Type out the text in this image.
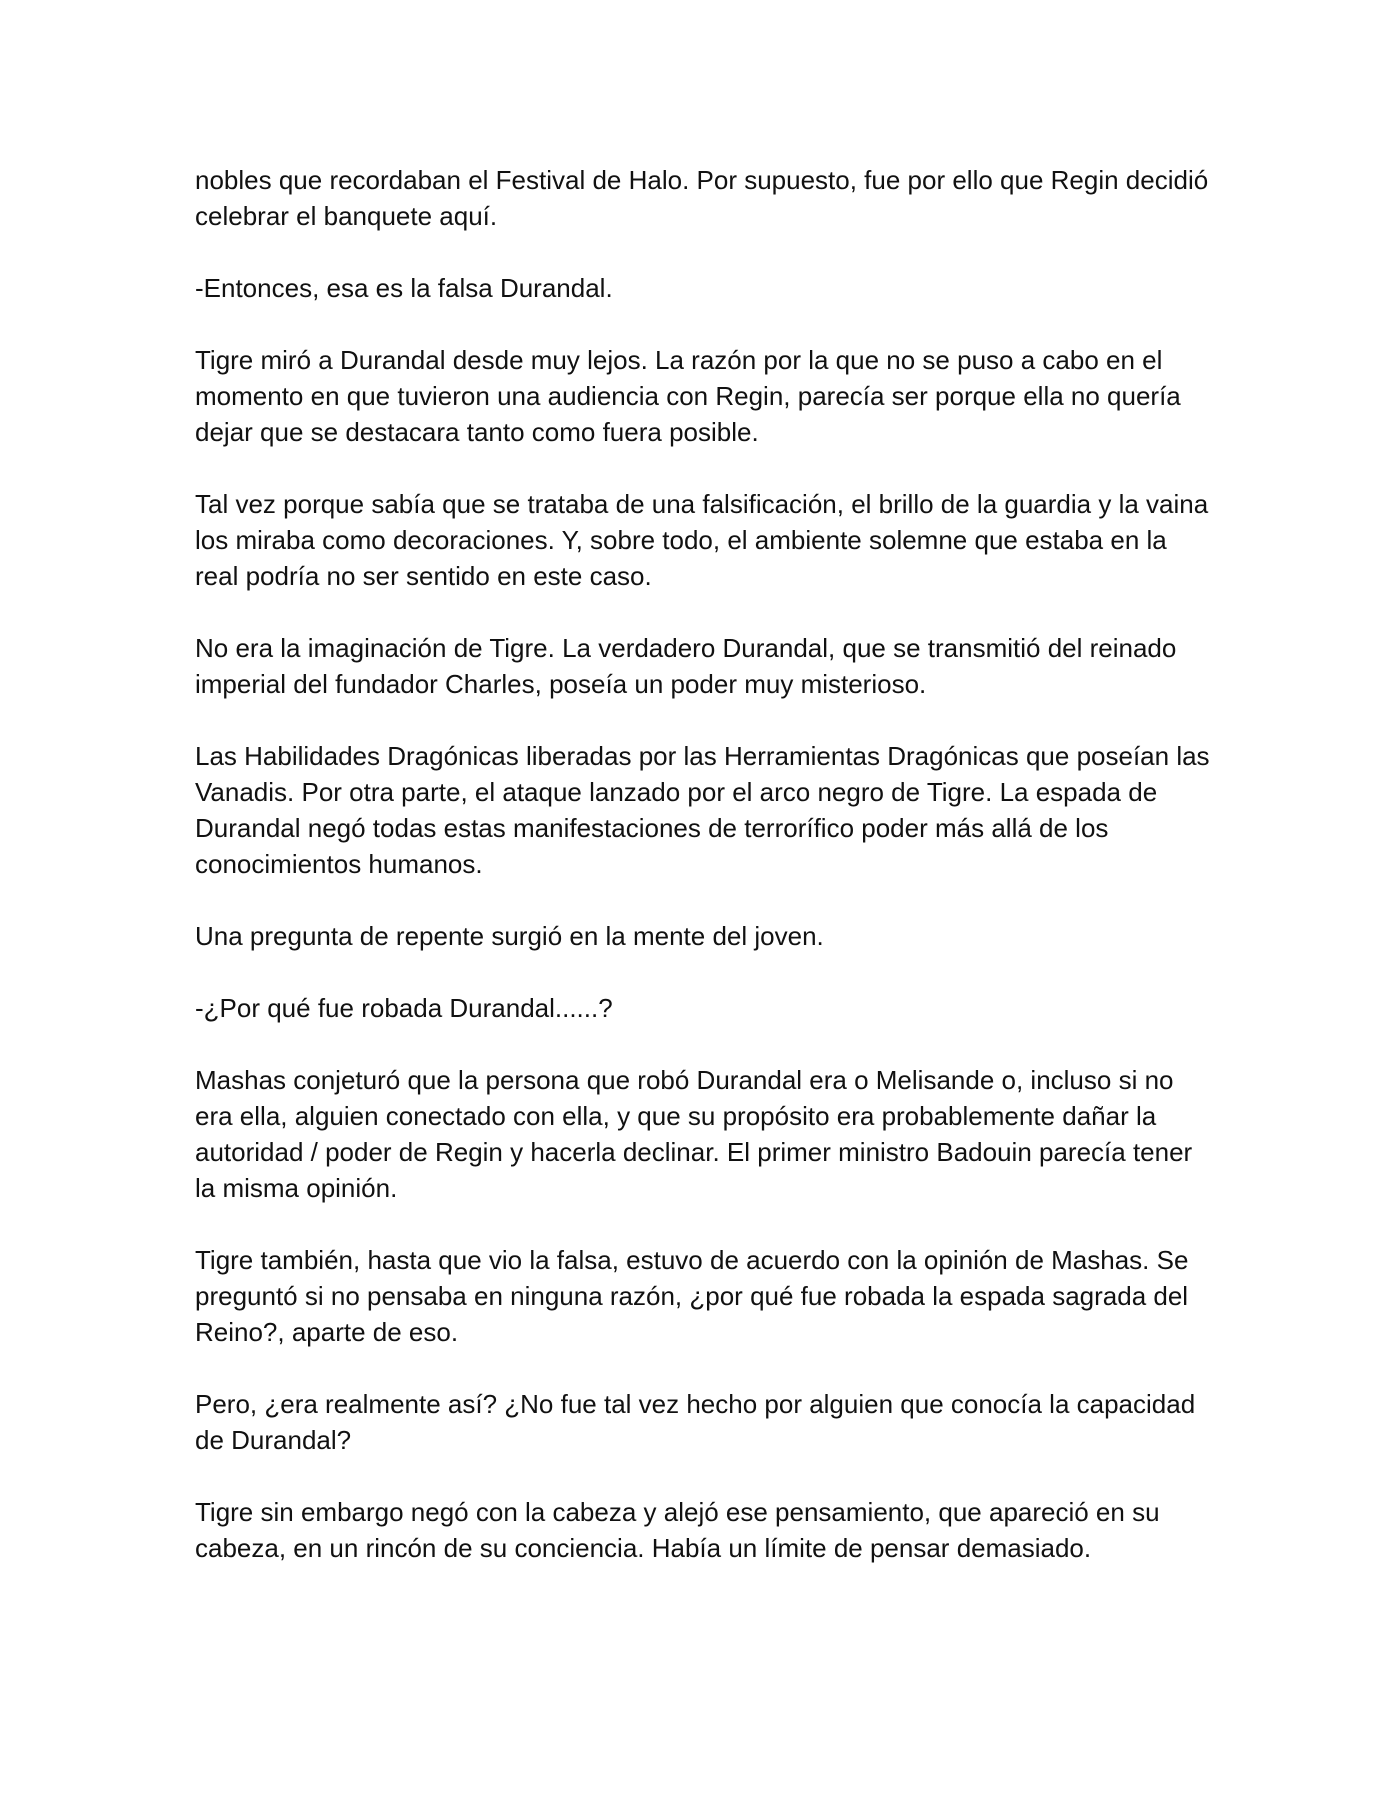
nobles que recordaban el Festival de Halo. Por supuesto, fue por ello que Regin decidió celebrar el banquete aquí.

-Entonces, esa es la falsa Durandal.

Tigre miró a Durandal desde muy lejos. La razón por la que no se puso a cabo en el momento en que tuvieron una audiencia con Regin, parecía ser porque ella no quería dejar que se destacara tanto como fuera posible.

Tal vez porque sabía que se trataba de una falsificación, el brillo de la guardia y la vaina los miraba como decoraciones. Y, sobre todo, el ambiente solemne que estaba en la real podría no ser sentido en este caso.

No era la imaginación de Tigre. La verdadero Durandal, que se transmitió del reinado imperial del fundador Charles, poseía un poder muy misterioso.

Las Habilidades Dragónicas liberadas por las Herramientas Dragónicas que poseían las Vanadis. Por otra parte, el ataque lanzado por el arco negro de Tigre. La espada de Durandal negó todas estas manifestaciones de terrorífico poder más allá de los conocimientos humanos.

Una pregunta de repente surgió en la mente del joven.

-¿Por qué fue robada Durandal......?

Mashas conjeturó que la persona que robó Durandal era o Melisande o, incluso si no era ella, alguien conectado con ella, y que su propósito era probablemente dañar la autoridad / poder de Regin y hacerla declinar. El primer ministro Badouin parecía tener la misma opinión.

Tigre también, hasta que vio la falsa, estuvo de acuerdo con la opinión de Mashas. Se preguntó si no pensaba en ninguna razón, ¿por qué fue robada la espada sagrada del Reino?, aparte de eso.

Pero, ¿era realmente así? ¿No fue tal vez hecho por alguien que conocía la capacidad de Durandal?

Tigre sin embargo negó con la cabeza y alejó ese pensamiento, que apareció en su cabeza, en un rincón de su conciencia. Había un límite de pensar demasiado.
